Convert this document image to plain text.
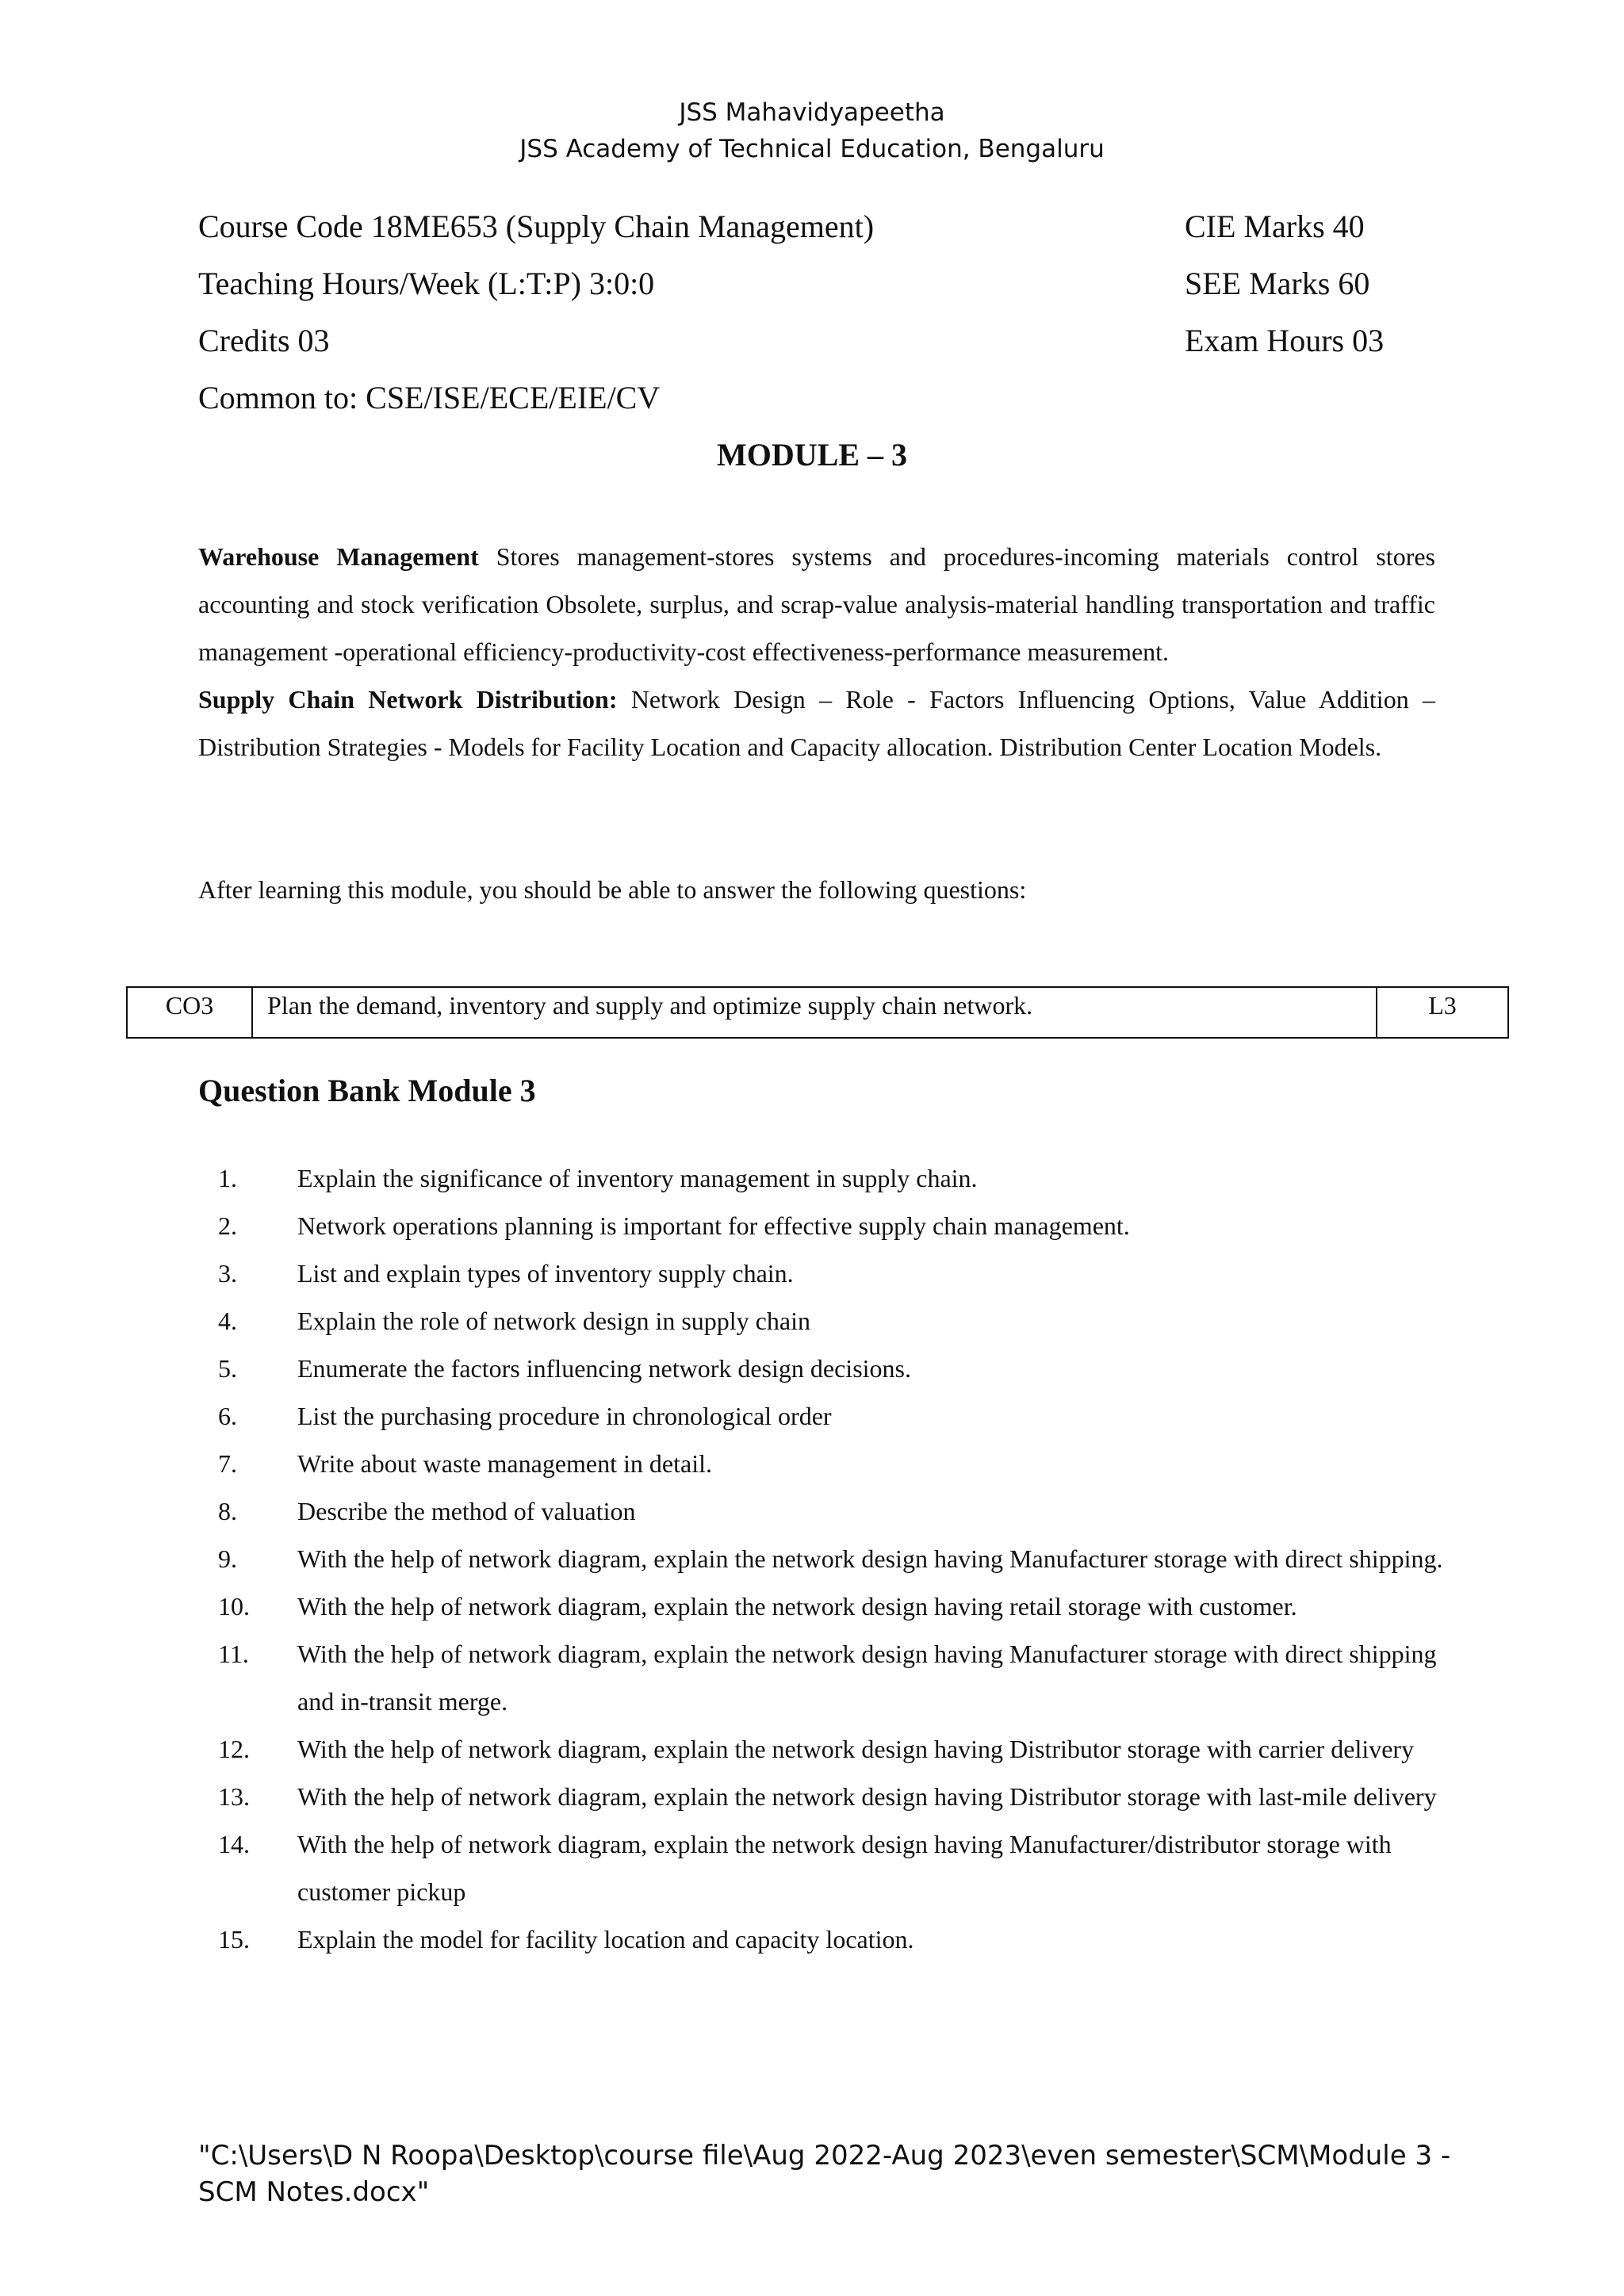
JSS Mahavidyapeetha
JSS Academy of Technical Education, Bengaluru
Course Code 18ME653 (Supply Chain Management)
Teaching Hours/Week (L:T:P) 3:0:0
Credits 03
Common to: CSE/ISE/ECE/EIE/CV
CIE Marks 40
SEE Marks 60
Exam Hours 03
MODULE – 3
Warehouse Management Stores management-stores systems and procedures-incoming materials control stores accounting and stock verification Obsolete, surplus, and scrap-value analysis-material handling transportation and traffic management -operational efficiency-productivity-cost effectiveness-performance measurement.
Supply Chain Network Distribution: Network Design – Role - Factors Influencing Options, Value Addition – Distribution Strategies - Models for Facility Location and Capacity allocation. Distribution Center Location Models.
After learning this module, you should be able to answer the following questions:
CO3	Plan the demand, inventory and supply and optimize supply chain network.	L3
Question Bank Module 3
1. Explain the significance of inventory management in supply chain.
2. Network operations planning is important for effective supply chain management.
3. List and explain types of inventory supply chain.
4. Explain the role of network design in supply chain
5. Enumerate the factors influencing network design decisions.
6. List the purchasing procedure in chronological order
7. Write about waste management in detail.
8. Describe the method of valuation
9. With the help of network diagram, explain the network design having Manufacturer storage with direct shipping.
10. With the help of network diagram, explain the network design having retail storage with customer.
11. With the help of network diagram, explain the network design having Manufacturer storage with direct shipping and in-transit merge.
12. With the help of network diagram, explain the network design having Distributor storage with carrier delivery
13. With the help of network diagram, explain the network design having Distributor storage with last-mile delivery
14. With the help of network diagram, explain the network design having Manufacturer/distributor storage with customer pickup
15. Explain the model for facility location and capacity location.
"C:\Users\D N Roopa\Desktop\course file\Aug 2022-Aug 2023\even semester\SCM\Module 3 - SCM Notes.docx"
